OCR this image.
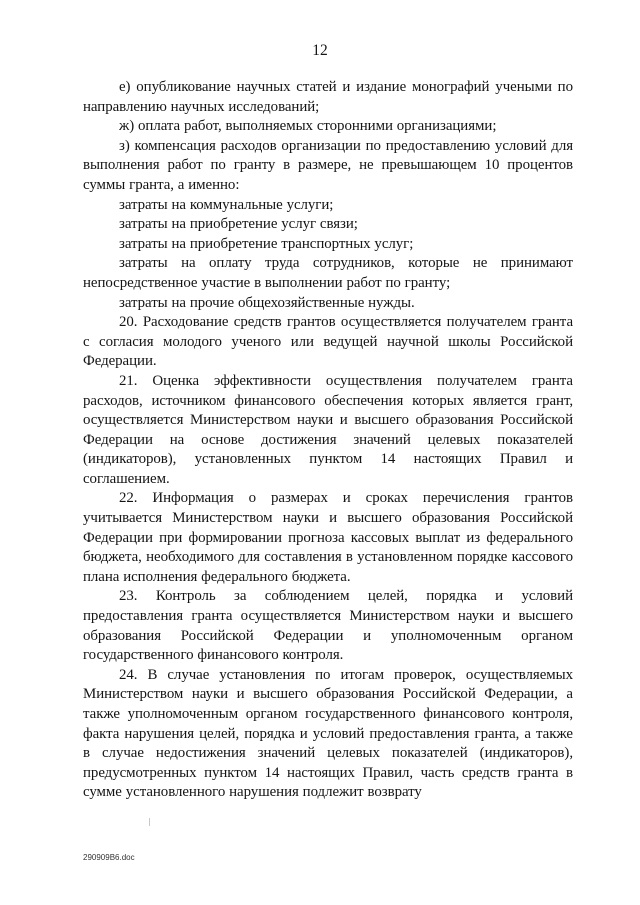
12

е) опубликование научных статей и издание монографий учеными по направлению научных исследований;

ж) оплата работ, выполняемых сторонними организациями;

з) компенсация расходов организации по предоставлению условий для выполнения работ по гранту в размере, не превышающем 10 процентов суммы гранта, а именно:

затраты на коммунальные услуги;

затраты на приобретение услуг связи;

затраты на приобретение транспортных услуг;

затраты на оплату труда сотрудников, которые не принимают непосредственное участие в выполнении работ по гранту;

затраты на прочие общехозяйственные нужды.

20. Расходование средств грантов осуществляется получателем гранта с согласия молодого ученого или ведущей научной школы Российской Федерации.

21. Оценка эффективности осуществления получателем гранта расходов, источником финансового обеспечения которых является грант, осуществляется Министерством науки и высшего образования Российской Федерации на основе достижения значений целевых показателей (индикаторов), установленных пунктом 14 настоящих Правил и соглашением.

22. Информация о размерах и сроках перечисления грантов учитывается Министерством науки и высшего образования Российской Федерации при формировании прогноза кассовых выплат из федерального бюджета, необходимого для составления в установленном порядке кассового плана исполнения федерального бюджета.

23. Контроль за соблюдением целей, порядка и условий предоставления гранта осуществляется Министерством науки и высшего образования Российской Федерации и уполномоченным органом государственного финансового контроля.

24. В случае установления по итогам проверок, осуществляемых Министерством науки и высшего образования Российской Федерации, а также уполномоченным органом государственного финансового контроля, факта нарушения целей, порядка и условий предоставления гранта, а также в случае недостижения значений целевых показателей (индикаторов), предусмотренных пунктом 14 настоящих Правил, часть средств гранта в сумме установленного нарушения подлежит возврату

290909В6.doc
